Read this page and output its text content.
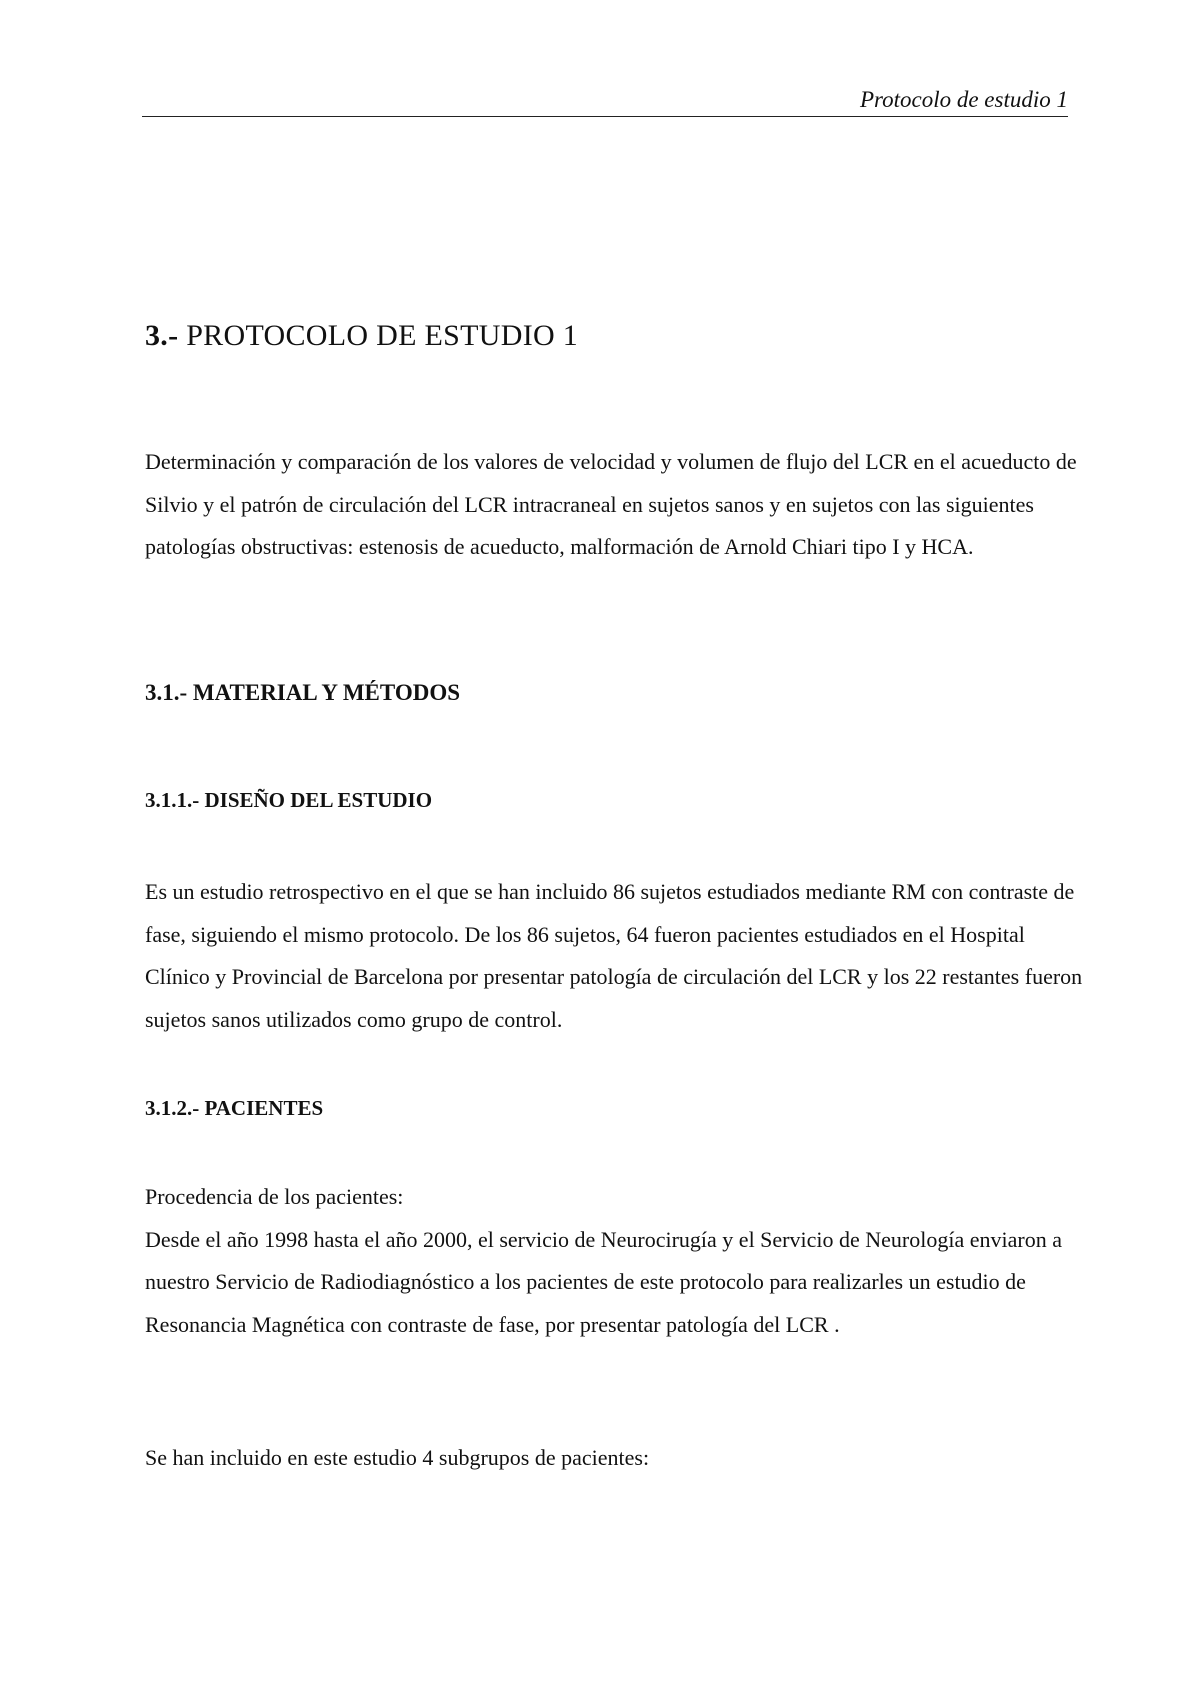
Protocolo de estudio 1
3.- PROTOCOLO DE ESTUDIO 1

Determinación y comparación de los valores de velocidad y volumen de flujo del LCR en el acueducto de Silvio y el patrón de circulación del LCR intracraneal en sujetos sanos y en sujetos con las siguientes patologías obstructivas: estenosis de acueducto, malformación de Arnold Chiari tipo I y HCA.

3.1.- MATERIAL Y MÉTODOS
3.1.1.- DISEÑO DEL ESTUDIO

Es un estudio retrospectivo en el que se han incluido 86 sujetos estudiados mediante RM con contraste de fase, siguiendo el mismo protocolo. De los 86 sujetos, 64 fueron pacientes estudiados en el Hospital Clínico y Provincial de Barcelona por presentar patología de circulación del LCR y los 22 restantes fueron sujetos sanos utilizados como grupo de control.

3.1.2.- PACIENTES
Procedencia de los pacientes:
Desde el año 1998 hasta el año 2000, el servicio de Neurocirugía y el Servicio de Neurología enviaron a nuestro Servicio de Radiodiagnóstico a los pacientes de este protocolo para realizarles un estudio de Resonancia Magnética con contraste de fase, por presentar patología del LCR .

Se han incluido en este estudio 4 subgrupos de pacientes:
